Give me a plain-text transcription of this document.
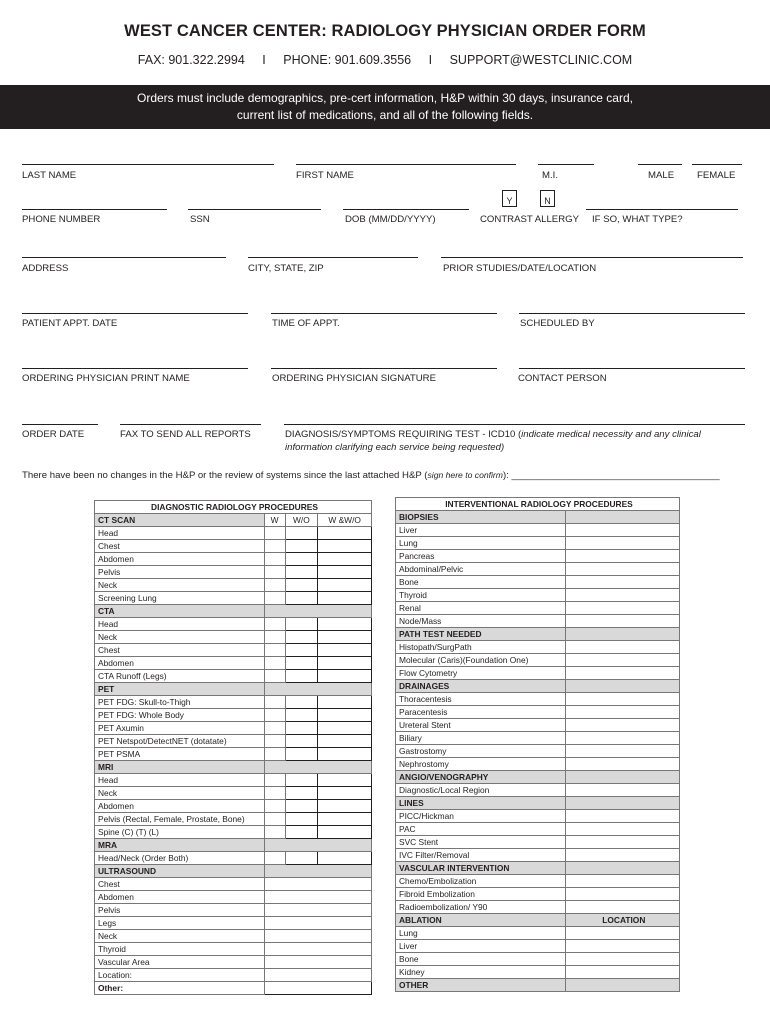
WEST CANCER CENTER: RADIOLOGY PHYSICIAN ORDER FORM
FAX: 901.322.2994 I PHONE: 901.609.3556 I SUPPORT@WESTCLINIC.COM
Orders must include demographics, pre-cert information, H&P within 30 days, insurance card,
current list of medications, and all of the following fields.
LAST NAME	FIRST NAME	M.I.	MALE FEMALE
PHONE NUMBER	SSN	DOB (MM/DD/YYYY)
Y	N
CONTRAST ALLERGY IF SO, WHAT TYPE?
ADDRESS	CITY, STATE, ZIP	PRIOR STUDIES/DATE/LOCATION
PATIENT APPT. DATE	TIME OF APPT.	SCHEDULED BY
ORDERING PHYSICIAN PRINT NAME	ORDERING PHYSICIAN SIGNATURE	CONTACT PERSON
ORDER DATE	FAX TO SEND ALL REPORTS	DIAGNOSIS/SYMPTOMS REQUIRING TEST - ICD10 (indicate medical necessity and any clinical
information clarifying each service being requested)
There have been no changes in the H&P or the review of systems since the last attached H&P (sign here to confirm): _______________________________________
DIAGNOSTIC RADIOLOGY PROCEDURES			
CT SCAN	W	W/O	W &W/O
Head			
Chest			
Abdomen			
Pelvis			
Neck			
Screening Lung			
CTA			
Head			
Neck			
Chest			
Abdomen			
CTA Runoff (Legs)			
PET			
PET FDG: Skull-to-Thigh			
PET FDG: Whole Body			
PET Axumin			
PET Netspot/DetectNET (dotatate)			
PET PSMA			
MRI			
Head			
Neck			
Abdomen			
Pelvis (Rectal, Female, Prostate, Bone)			
Spine (C) (T) (L)			
MRA			
Head/Neck (Order Both)			
ULTRASOUND			
Chest			
Abdomen			
Pelvis			
Legs			
Neck			
Thyroid			
Vascular Area			
Location:			
Other:			
INTERVENTIONAL RADIOLOGY PROCEDURES	
BIOPSIES	
Liver	
Lung	
Pancreas	
Abdominal/Pelvic	
Bone	
Thyroid	
Renal	
Node/Mass	
PATH TEST NEEDED	
Histopath/SurgPath	
Molecular (Caris)(Foundation One)	
Flow Cytometry	
DRAINAGES	
Thoracentesis	
Paracentesis	
Ureteral Stent	
Biliary	
Gastrostomy	
Nephrostomy	
ANGIO/VENOGRAPHY	
Diagnostic/Local Region	
LINES	
PICC/Hickman	
PAC	
SVC Stent	
IVC Filter/Removal	
VASCULAR INTERVENTION	
Chemo/Embolization	
Fibroid Embolization	
Radioembolization/ Y90	
ABLATION	LOCATION
Lung	
Liver	
Bone	
Kidney	
OTHER	
